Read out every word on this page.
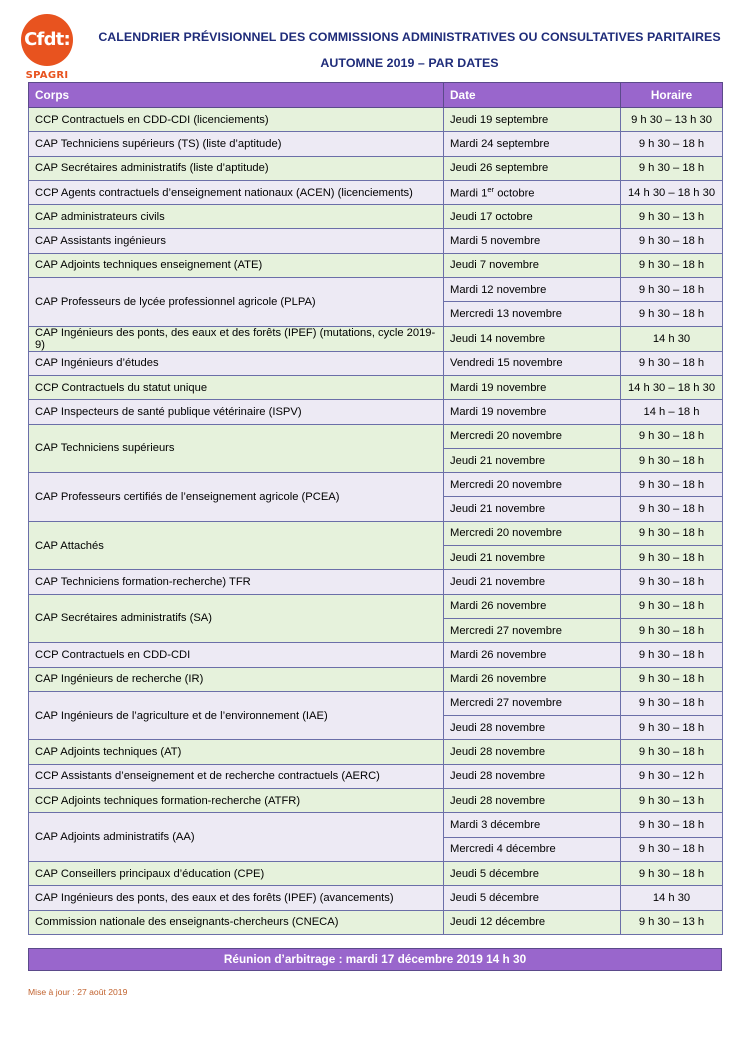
Cfdt:
SPAGRI
CALENDRIER PRÉVISIONNEL DES COMMISSIONS ADMINISTRATIVES OU CONSULTATIVES PARITAIRES
AUTOMNE 2019 – PAR DATES
Corps	Date	Horaire
CCP Contractuels en CDD-CDI (licenciements)	Jeudi 19 septembre	9 h 30 – 13 h 30
CAP Techniciens supérieurs (TS) (liste d’aptitude)	Mardi 24 septembre	9 h 30 – 18 h
CAP Secrétaires administratifs (liste d’aptitude)	Jeudi 26 septembre	9 h 30 – 18 h
CCP Agents contractuels d’enseignement nationaux (ACEN) (licenciements)	Mardi 1er octobre	14 h 30 – 18 h 30
CAP administrateurs civils	Jeudi 17 octobre	9 h 30 – 13 h
CAP Assistants ingénieurs	Mardi 5 novembre	9 h 30 – 18 h
CAP Adjoints techniques enseignement (ATE)	Jeudi 7 novembre	9 h 30 – 18 h
CAP Professeurs de lycée professionnel agricole (PLPA)	Mardi 12 novembre	9 h 30 – 18 h
	Mercredi 13 novembre	9 h 30 – 18 h
CAP Ingénieurs des ponts, des eaux et des forêts (IPEF) (mutations, cycle 2019-9)	Jeudi 14 novembre	14 h 30
CAP Ingénieurs d’études	Vendredi 15 novembre	9 h 30 – 18 h
CCP Contractuels du statut unique	Mardi 19 novembre	14 h 30 – 18 h 30
CAP Inspecteurs de santé publique vétérinaire (ISPV)	Mardi 19 novembre	14 h – 18 h
CAP Techniciens supérieurs	Mercredi 20 novembre	9 h 30 – 18 h
	Jeudi 21 novembre	9 h 30 – 18 h
CAP Professeurs certifiés de l’enseignement agricole (PCEA)	Mercredi 20 novembre	9 h 30 – 18 h
	Jeudi 21 novembre	9 h 30 – 18 h
CAP Attachés	Mercredi 20 novembre	9 h 30 – 18 h
	Jeudi 21 novembre	9 h 30 – 18 h
CAP Techniciens formation-recherche) TFR	Jeudi 21 novembre	9 h 30 – 18 h
CAP Secrétaires administratifs (SA)	Mardi 26 novembre	9 h 30 – 18 h
	Mercredi 27 novembre	9 h 30 – 18 h
CCP Contractuels en CDD-CDI	Mardi 26 novembre	9 h 30 – 18 h
CAP Ingénieurs de recherche (IR)	Mardi 26 novembre	9 h 30 – 18 h
CAP Ingénieurs de l’agriculture et de l’environnement (IAE)	Mercredi 27 novembre	9 h 30 – 18 h
	Jeudi 28 novembre	9 h 30 – 18 h
CAP Adjoints techniques (AT)	Jeudi 28 novembre	9 h 30 – 18 h
CCP Assistants d’enseignement et de recherche contractuels (AERC)	Jeudi 28 novembre	9 h 30 – 12 h
CCP Adjoints techniques formation-recherche (ATFR)	Jeudi 28 novembre	9 h 30 – 13 h
CAP Adjoints administratifs (AA)	Mardi 3 décembre	9 h 30 – 18 h
	Mercredi 4 décembre	9 h 30 – 18 h
CAP Conseillers principaux d’éducation (CPE)	Jeudi 5 décembre	9 h 30 – 18 h
CAP Ingénieurs des ponts, des eaux et des forêts (IPEF) (avancements)	Jeudi 5 décembre	14 h 30
Commission nationale des enseignants-chercheurs (CNECA)	Jeudi 12 décembre	9 h 30 – 13 h
Réunion d’arbitrage : mardi 17 décembre 2019 14 h 30
Mise à jour : 27 août 2019
